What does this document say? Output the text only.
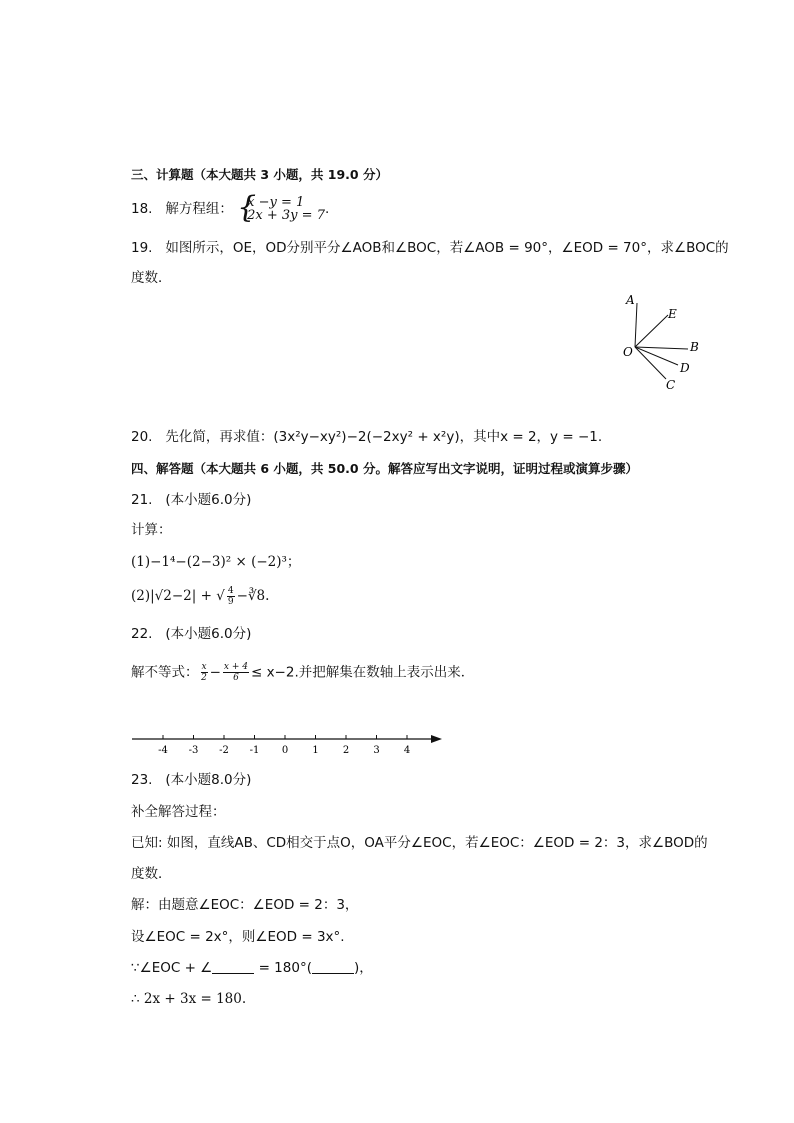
三、计算题（本大题共 3 小题，共 19.0 分）
18. 解方程组： {
x −y = 1
2x + 3y = 7 .
19. 如图所示，OE，OD分别平分∠AOB和∠BOC，若∠AOB = 90°，∠EOD = 70°，求∠BOC的
度数．
A
E
B
O
D
C
20. 先化简，再求值：(3x²y−xy²)−2(−2xy² + x²y)，其中x = 2，y = −1.
四、解答题（本大题共 6 小题，共 50.0 分。解答应写出文字说明，证明过程或演算步骤）
21. (本小题6.0分)
计算：
(1)−1⁴−(2−3)² × (−2)³；
(2)|√2−2| + √ $\frac{4}{9}$ −∛8.
22. (本小题6.0分)
解不等式： $\frac{x}{2} - \frac{x + 4}{6} \le x-2$.并把解集在数轴上表示出来．
-4 -3 -2 -1 0 1 2 3 4
23. (本小题8.0分)
补全解答过程：
已知: 如图，直线AB、CD相交于点O，OA平分∠EOC，若∠EOC：∠EOD = 2：3，求∠BOD的
度数．
解：由题意∠EOC：∠EOD = 2：3，
设∠EOC = 2x°，则∠EOD = 3x°.
∵∠EOC + ∠	= 180°(	)，
∴ 2x + 3x = 180.
